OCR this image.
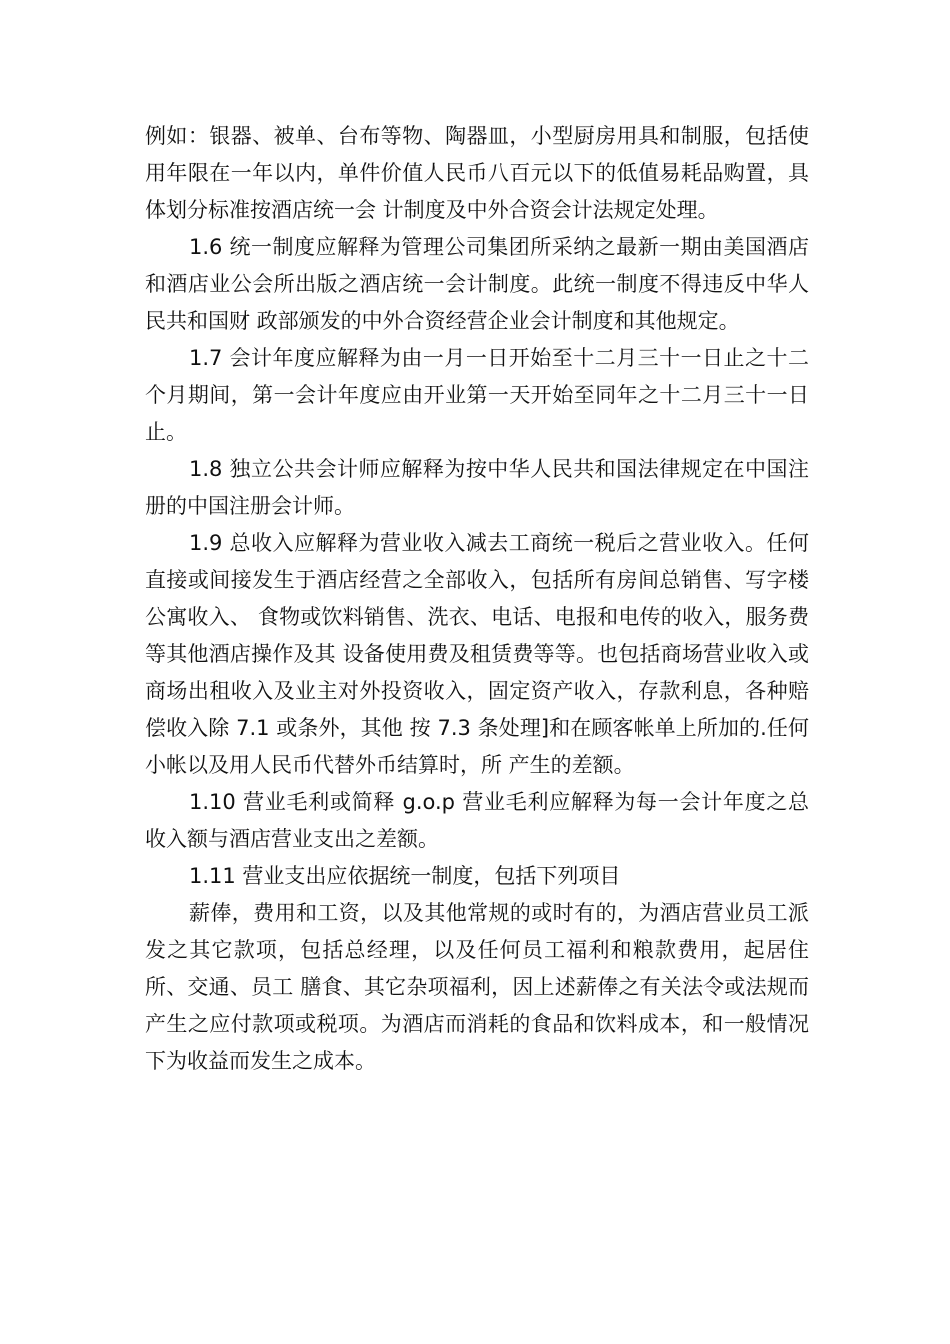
例如：银器、被单、台布等物、陶器皿，小型厨房用具和制服，包括使用年限在一年以内，单件价值人民币八百元以下的低值易耗品购置，具体划分标准按酒店统一会 计制度及中外合资会计法规定处理。

1.6 统一制度应解释为管理公司集团所采纳之最新一期由美国酒店和酒店业公会所出版之酒店统一会计制度。此统一制度不得违反中华人民共和国财 政部颁发的中外合资经营企业会计制度和其他规定。

1.7 会计年度应解释为由一月一日开始至十二月三十一日止之十二个月期间，第一会计年度应由开业第一天开始至同年之十二月三十一日止。

1.8 独立公共会计师应解释为按中华人民共和国法律规定在中国注册的中国注册会计师。

1.9 总收入应解释为营业收入减去工商统一税后之营业收入。任何直接或间接发生于酒店经营之全部收入，包括所有房间总销售、写字楼公寓收入、 食物或饮料销售、洗衣、电话、电报和电传的收入，服务费等其他酒店操作及其 设备使用费及租赁费等等。也包括商场营业收入或商场出租收入及业主对外投资收入，固定资产收入，存款利息，各种赔偿收入除 7.1 或条外，其他 按 7.3 条处理]和在顾客帐单上所加的.任何小帐以及用人民币代替外币结算时，所 产生的差额。

1.10 营业毛利或简释 g.o.p 营业毛利应解释为每一会计年度之总收入额与酒店营业支出之差额。

1.11 营业支出应依据统一制度，包括下列项目

薪俸，费用和工资，以及其他常规的或时有的，为酒店营业员工派发之其它款项，包括总经理，以及任何员工福利和粮款费用，起居住所、交通、员工 膳食、其它杂项福利，因上述薪俸之有关法令或法规而产生之应付款项或税项。为酒店而消耗的食品和饮料成本，和一般情况下为收益而发生之成本。
